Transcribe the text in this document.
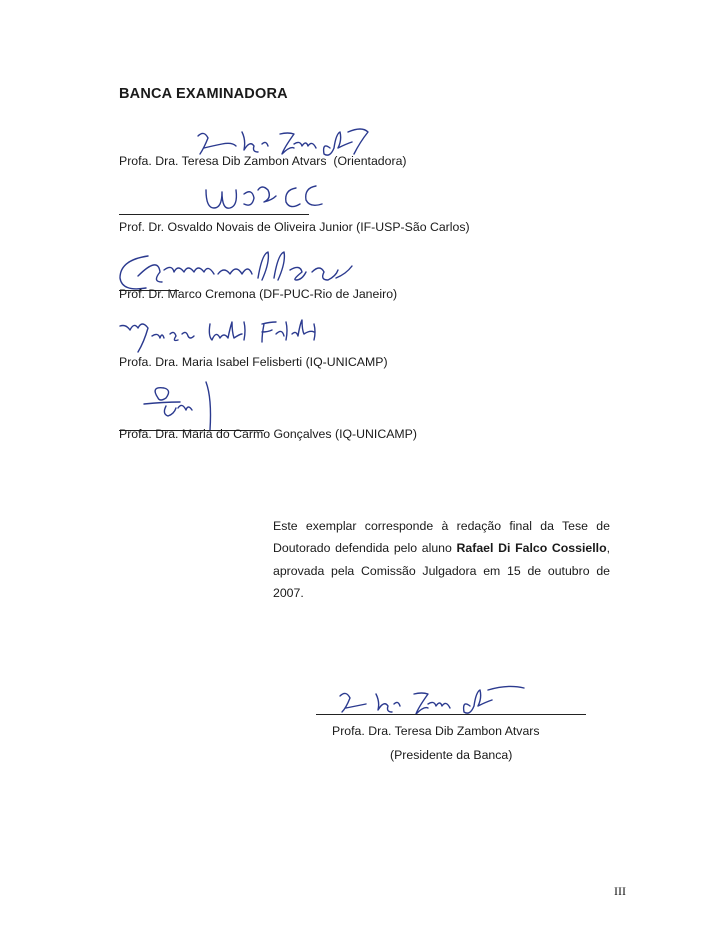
BANCA EXAMINADORA
Profa. Dra. Teresa Dib Zambon Atvars (Orientadora)
Prof. Dr. Osvaldo Novais de Oliveira Junior (IF-USP-São Carlos)
Prof. Dr. Marco Cremona (DF-PUC-Rio de Janeiro)
Profa. Dra. Maria Isabel Felisberti (IQ-UNICAMP)
Profa. Dra. Maria do Carmo Gonçalves (IQ-UNICAMP)
Este exemplar corresponde à redação final da Tese de Doutorado defendida pelo aluno Rafael Di Falco Cossiello, aprovada pela Comissão Julgadora em 15 de outubro de 2007.
Profa. Dra. Teresa Dib Zambon Atvars
(Presidente da Banca)
III
